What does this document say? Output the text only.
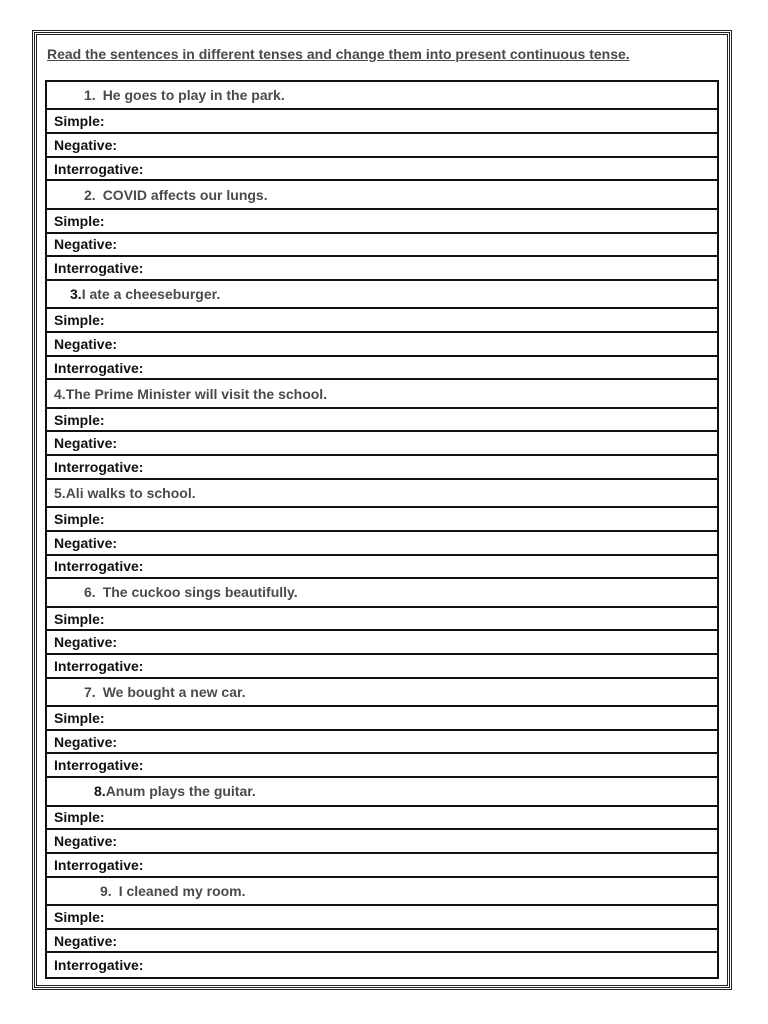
Read the sentences in different tenses and change them into present continuous tense.
1. He goes to play in the park.
Simple:
Negative:
Interrogative:
2. COVID affects our lungs.
Simple:
Negative:
Interrogative:
3. I ate a cheeseburger.
Simple:
Negative:
Interrogative:
4. The Prime Minister will visit the school.
Simple:
Negative:
Interrogative:
5. Ali walks to school.
Simple:
Negative:
Interrogative:
6. The cuckoo sings beautifully.
Simple:
Negative:
Interrogative:
7. We bought a new car.
Simple:
Negative:
Interrogative:
8. Anum plays the guitar.
Simple:
Negative:
Interrogative:
9. I cleaned my room.
Simple:
Negative:
Interrogative:
